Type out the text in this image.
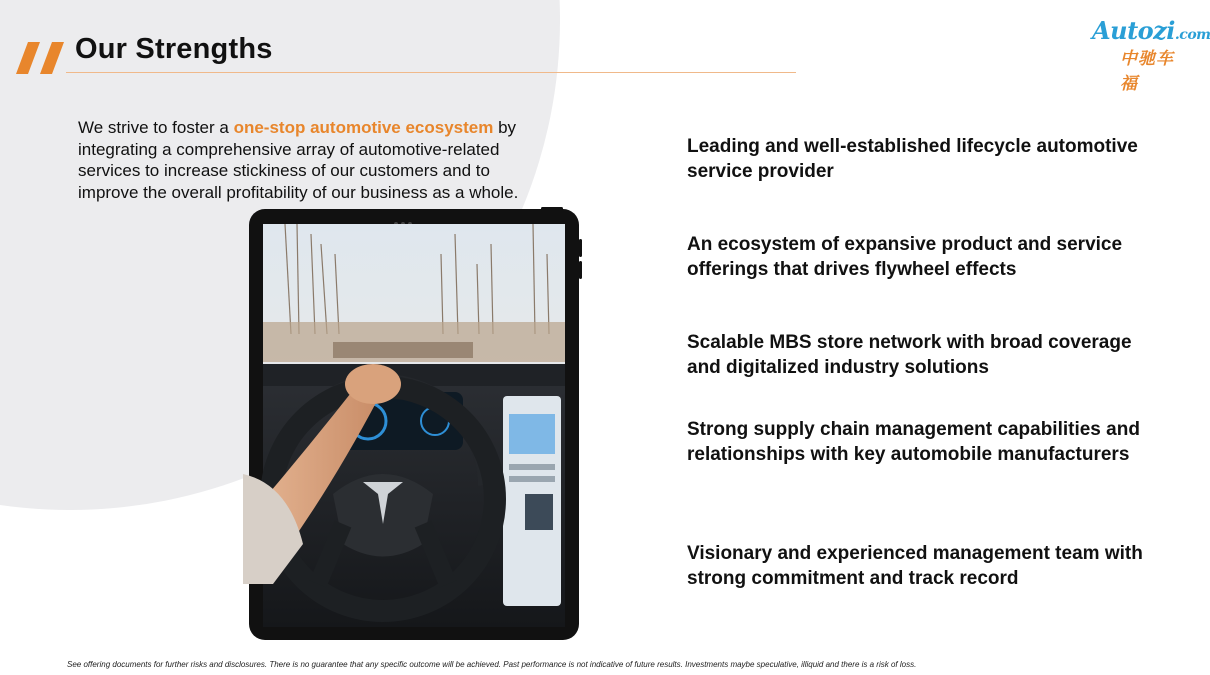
Our Strengths
Autozi.com
中驰车福
We strive to foster a one-stop automotive ecosystem by integrating a comprehensive array of automotive-related services to increase stickiness of our customers and to improve the overall profitability of our business as a whole.
Leading and well-established lifecycle automotive service provider
An ecosystem of expansive product and service offerings that drives flywheel effects
Scalable MBS store network with broad coverage and digitalized industry solutions
Strong supply chain management capabilities and relationships with key automobile manufacturers
Visionary and experienced management team with strong commitment and track record
See offering documents for further risks and disclosures. There is no guarantee that any specific outcome will be achieved. Past performance is not indicative of future results. Investments maybe speculative, illiquid and there is a risk of loss.
